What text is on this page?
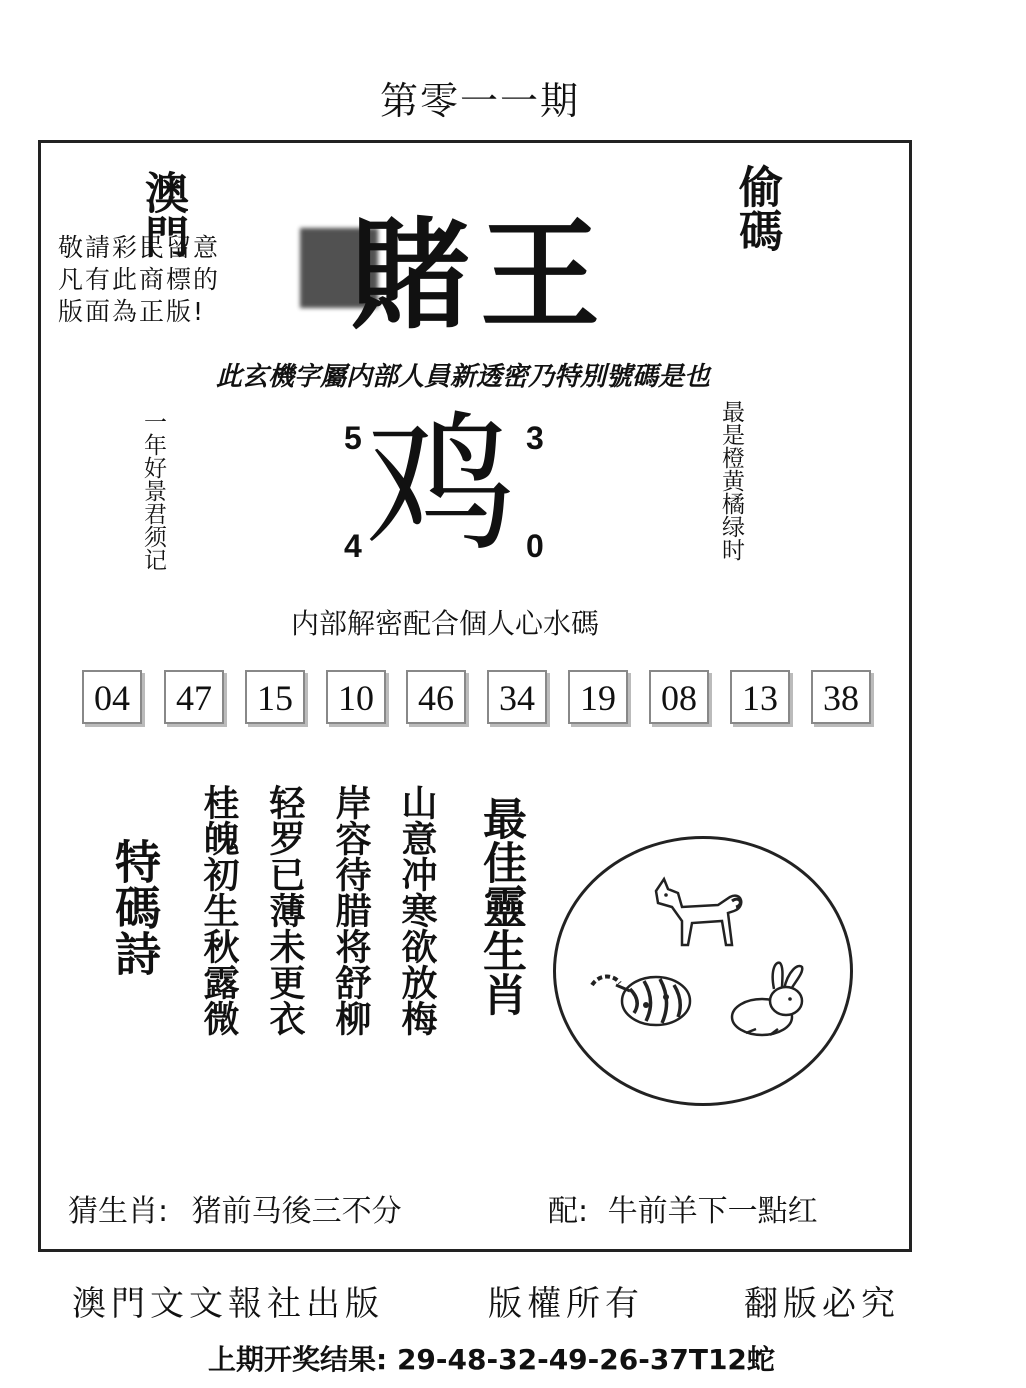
第零一一期
澳門	偷碼
敬請彩民留意
凡有此商標的
版面為正版!	賭王
此玄機字屬内部人員新透密乃特別號碼是也
一年好景君须记	最是橙黄橘绿时
5	3
鸡
4	0
内部解密配合個人心水碼
04	47	15	10	46	34	19	08	13	38
特碼詩 桂魄初生秋露微 轻罗已薄未更衣 岸容待腊将舒柳 山意冲寒欲放梅 最佳靈生肖
猜生肖: 猪前马後三不分	配: 牛前羊下一點红
澳門文文報社出版	版權所有	翻版必究
上期开奖结果: 29-48-32-49-26-37T12蛇
